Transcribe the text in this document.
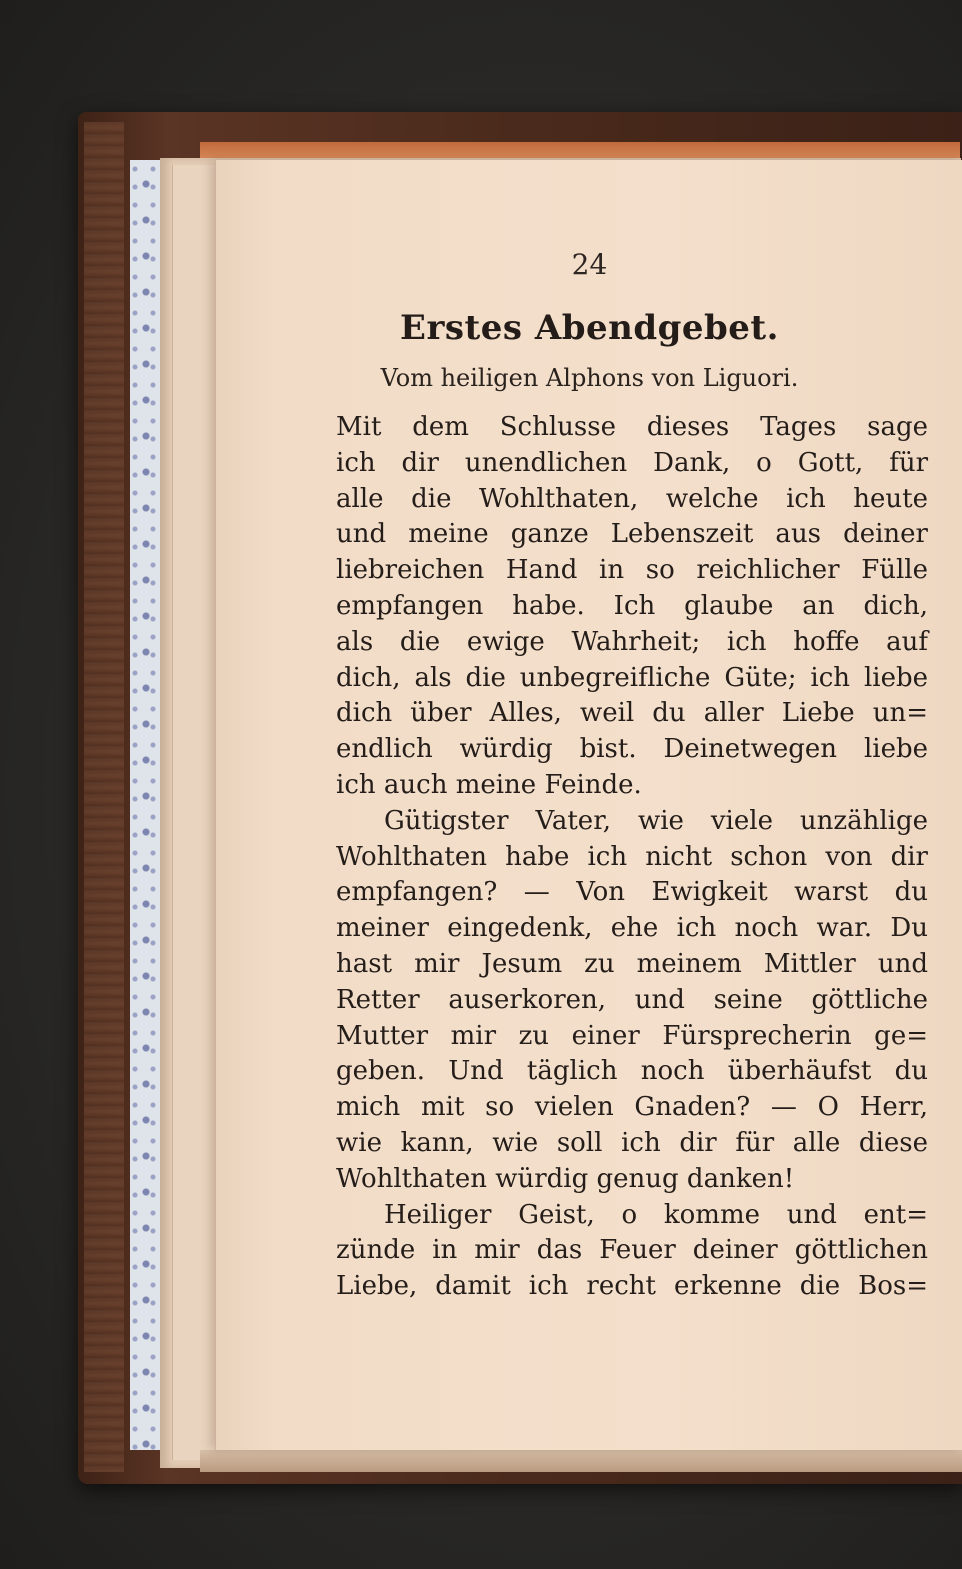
24
Erstes Abendgebet.
Vom heiligen Alphons von Liguori.
Mit dem Schlusse dieses Tages sage
ich dir unendlichen Dank, o Gott, für
alle die Wohlthaten, welche ich heute
und meine ganze Lebenszeit aus deiner
liebreichen Hand in so reichlicher Fülle
empfangen habe. Ich glaube an dich,
als die ewige Wahrheit; ich hoffe auf
dich, als die unbegreifliche Güte; ich liebe
dich über Alles, weil du aller Liebe un=
endlich würdig bist. Deinetwegen liebe
ich auch meine Feinde.
Gütigster Vater, wie viele unzählige
Wohlthaten habe ich nicht schon von dir
empfangen? — Von Ewigkeit warst du
meiner eingedenk, ehe ich noch war. Du
hast mir Jesum zu meinem Mittler und
Retter auserkoren, und seine göttliche
Mutter mir zu einer Fürsprecherin ge=
geben. Und täglich noch überhäufst du
mich mit so vielen Gnaden? — O Herr,
wie kann, wie soll ich dir für alle diese
Wohlthaten würdig genug danken!
Heiliger Geist, o komme und ent=
zünde in mir das Feuer deiner göttlichen
Liebe, damit ich recht erkenne die Bos=
